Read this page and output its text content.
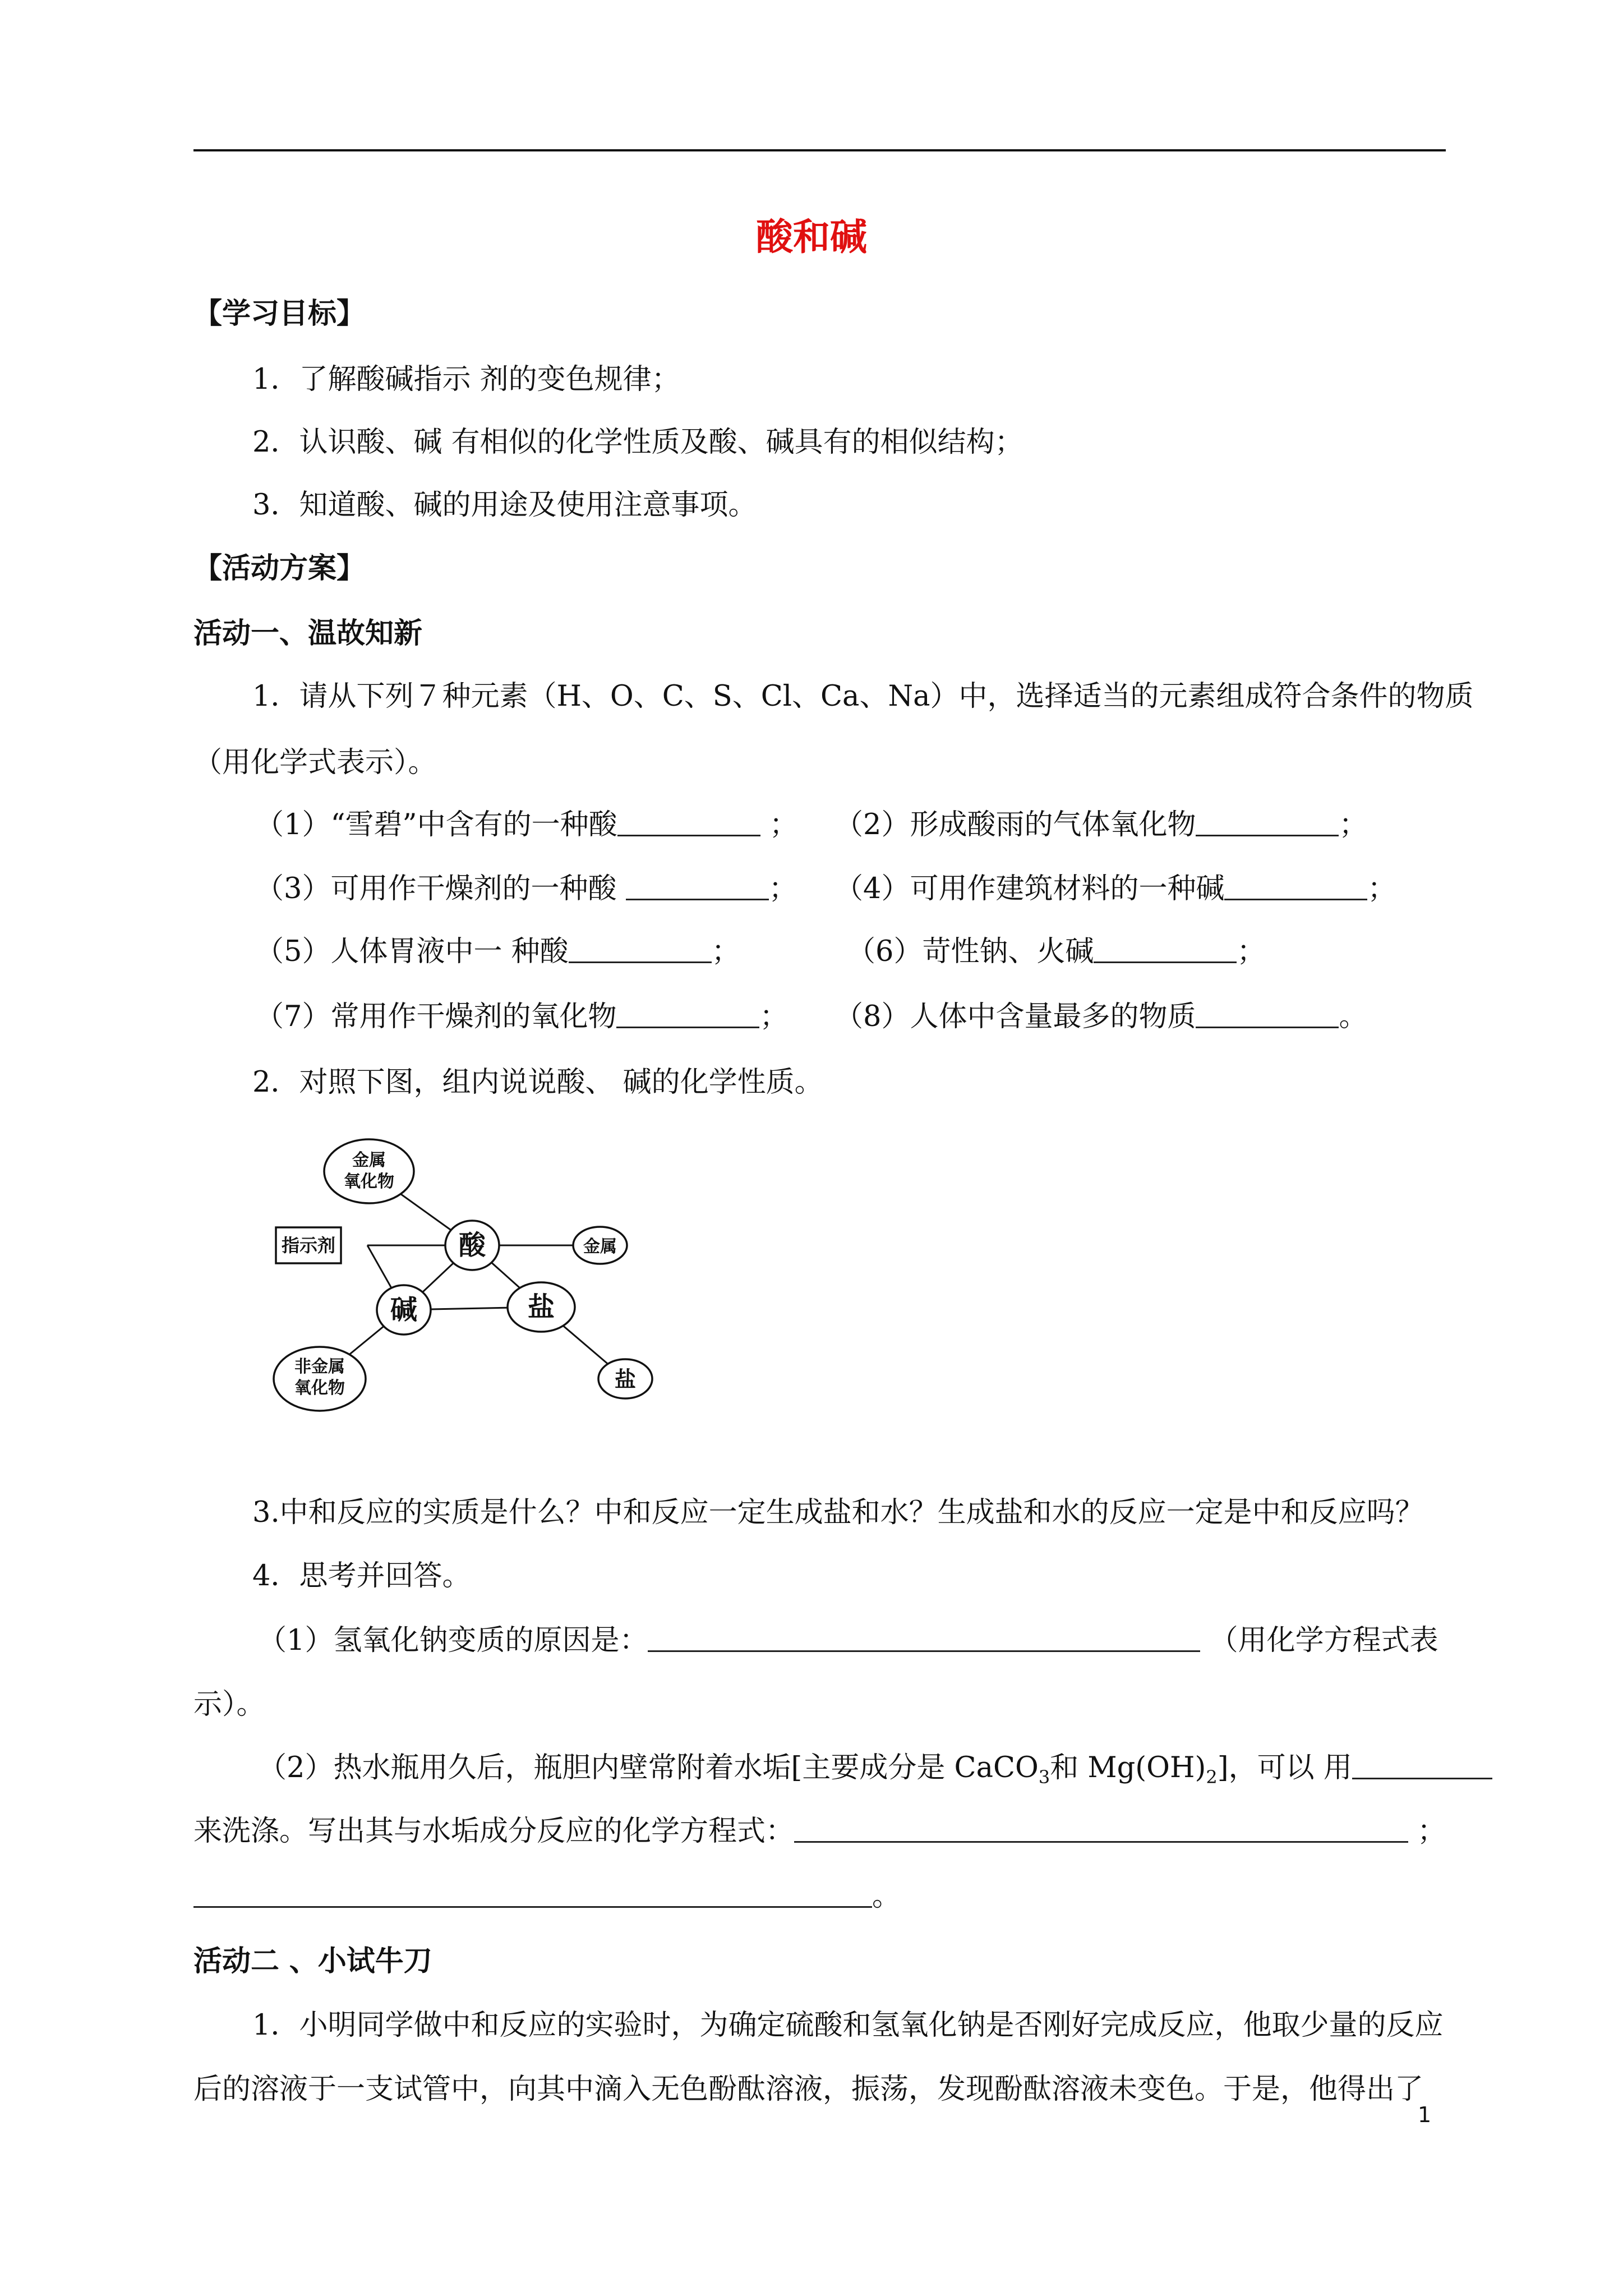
酸和碱
【学习目标】
1．了解酸碱指示 剂的变色规律；
2．认识酸、碱 有相似的化学性质及酸、碱具有的相似结构；
3．知道酸、碱的用途及使用注意事项。
【活动方案】
活动一、温故知新
1．请从下列７种元素（H、O、C、S、Cl、Ca、Na）中，选择适当的元素组成符合条件的物质
（用化学式表示）。
（1）“雪碧”中含有的一种酸	； （2）形成酸雨的气体氧化物	；
（3）可用作干燥剂的一种酸	； （4）可用作建筑材料的一种碱	；
（5）人体胃液中一 种酸	；	（6）苛性钠、火碱	；
（7）常用作干燥剂的氧化物	； （8）人体中含量最多的物质	。
2．对照下图，组内说说酸、 碱的化学性质。
金属
氧化物
指示剂	酸	金属
碱	盐
非金属
氧化物	盐
3.中和反应的实质是什么？中和反应一定生成盐和水？生成盐和水的反应一定是中和反应吗？
4．思考并回答。
（1）氢氧化钠变质的原因是：	（用化学方程式表
示）。
（2）热水瓶用久后，瓶胆内壁常附着水垢[主要成分是 CaCO$_3$和 $Mg(OH)_2$]，可以 用
来洗涤。写出其与水垢成分反应的化学方程式：	；
。
活动二 、小试牛刀
1．小明同学做中和反应的实验时，为确定硫酸和氢氧化钠是否刚好完成反应，他取少量的反应
后的溶液于一支试管中，向其中滴入无色酚酞溶液，振荡，发现酚酞溶液未变色。于是，他得出了
1
